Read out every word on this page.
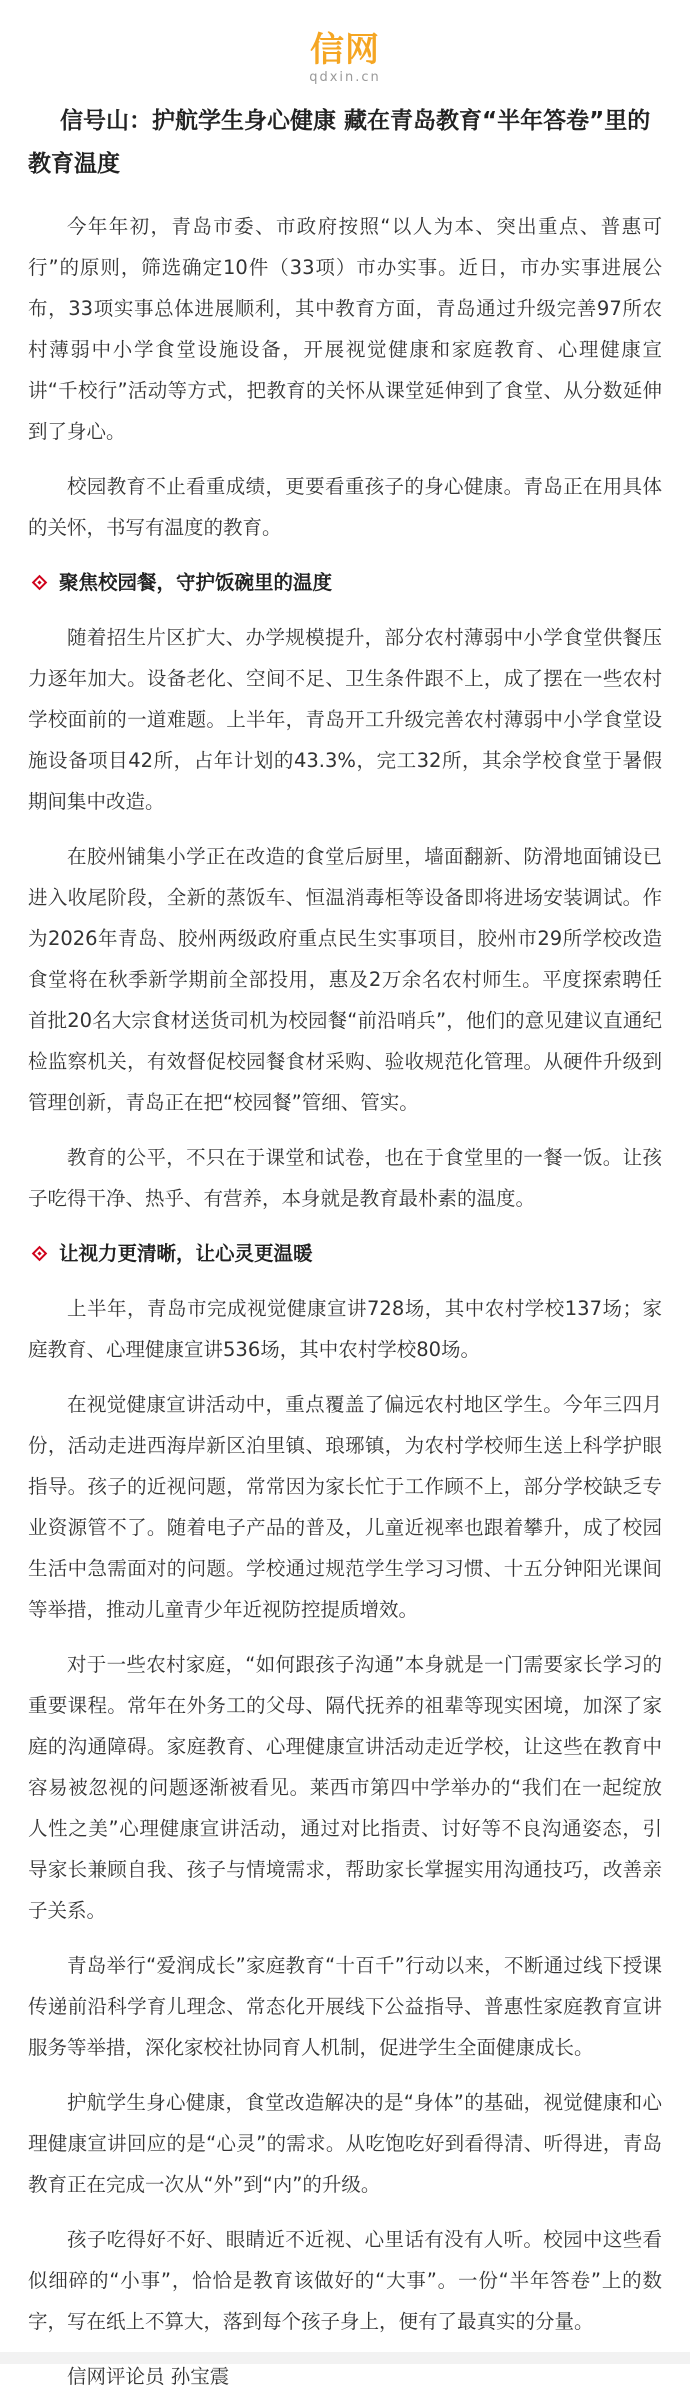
信网
qdxin.cn
信号山：护航学生身心健康 藏在青岛教育“半年答卷”里的教育温度

今年年初，青岛市委、市政府按照“以人为本、突出重点、普惠可行”的原则，筛选确定10件（33项）市办实事。近日，市办实事进展公布，33项实事总体进展顺利，其中教育方面，青岛通过升级完善97所农村薄弱中小学食堂设施设备，开展视觉健康和家庭教育、心理健康宣讲“千校行”活动等方式，把教育的关怀从课堂延伸到了食堂、从分数延伸到了身心。

校园教育不止看重成绩，更要看重孩子的身心健康。青岛正在用具体的关怀，书写有温度的教育。

聚焦校园餐，守护饭碗里的温度

随着招生片区扩大、办学规模提升，部分农村薄弱中小学食堂供餐压力逐年加大。设备老化、空间不足、卫生条件跟不上，成了摆在一些农村学校面前的一道难题。上半年，青岛开工升级完善农村薄弱中小学食堂设施设备项目42所，占年计划的43.3%，完工32所，其余学校食堂于暑假期间集中改造。

在胶州铺集小学正在改造的食堂后厨里，墙面翻新、防滑地面铺设已进入收尾阶段，全新的蒸饭车、恒温消毒柜等设备即将进场安装调试。作为2026年青岛、胶州两级政府重点民生实事项目，胶州市29所学校改造食堂将在秋季新学期前全部投用，惠及2万余名农村师生。平度探索聘任首批20名大宗食材送货司机为校园餐“前沿哨兵”，他们的意见建议直通纪检监察机关，有效督促校园餐食材采购、验收规范化管理。从硬件升级到管理创新，青岛正在把“校园餐”管细、管实。

教育的公平，不只在于课堂和试卷，也在于食堂里的一餐一饭。让孩子吃得干净、热乎、有营养，本身就是教育最朴素的温度。

让视力更清晰，让心灵更温暖

上半年，青岛市完成视觉健康宣讲728场，其中农村学校137场；家庭教育、心理健康宣讲536场，其中农村学校80场。

在视觉健康宣讲活动中，重点覆盖了偏远农村地区学生。今年三四月份，活动走进西海岸新区泊里镇、琅琊镇，为农村学校师生送上科学护眼指导。孩子的近视问题，常常因为家长忙于工作顾不上，部分学校缺乏专业资源管不了。随着电子产品的普及，儿童近视率也跟着攀升，成了校园生活中急需面对的问题。学校通过规范学生学习习惯、十五分钟阳光课间等举措，推动儿童青少年近视防控提质增效。

对于一些农村家庭，“如何跟孩子沟通”本身就是一门需要家长学习的重要课程。常年在外务工的父母、隔代抚养的祖辈等现实困境，加深了家庭的沟通障碍。家庭教育、心理健康宣讲活动走近学校，让这些在教育中容易被忽视的问题逐渐被看见。莱西市第四中学举办的“我们在一起绽放人性之美”心理健康宣讲活动，通过对比指责、讨好等不良沟通姿态，引导家长兼顾自我、孩子与情境需求，帮助家长掌握实用沟通技巧，改善亲子关系。

青岛举行“爱润成长”家庭教育“十百千”行动以来，不断通过线下授课传递前沿科学育儿理念、常态化开展线下公益指导、普惠性家庭教育宣讲服务等举措，深化家校社协同育人机制，促进学生全面健康成长。

护航学生身心健康，食堂改造解决的是“身体”的基础，视觉健康和心理健康宣讲回应的是“心灵”的需求。从吃饱吃好到看得清、听得进，青岛教育正在完成一次从“外”到“内”的升级。

孩子吃得好不好、眼睛近不近视、心里话有没有人听。校园中这些看似细碎的“小事”，恰恰是教育该做好的“大事”。一份“半年答卷”上的数字，写在纸上不算大，落到每个孩子身上，便有了最真实的分量。

信网评论员 孙宝震
